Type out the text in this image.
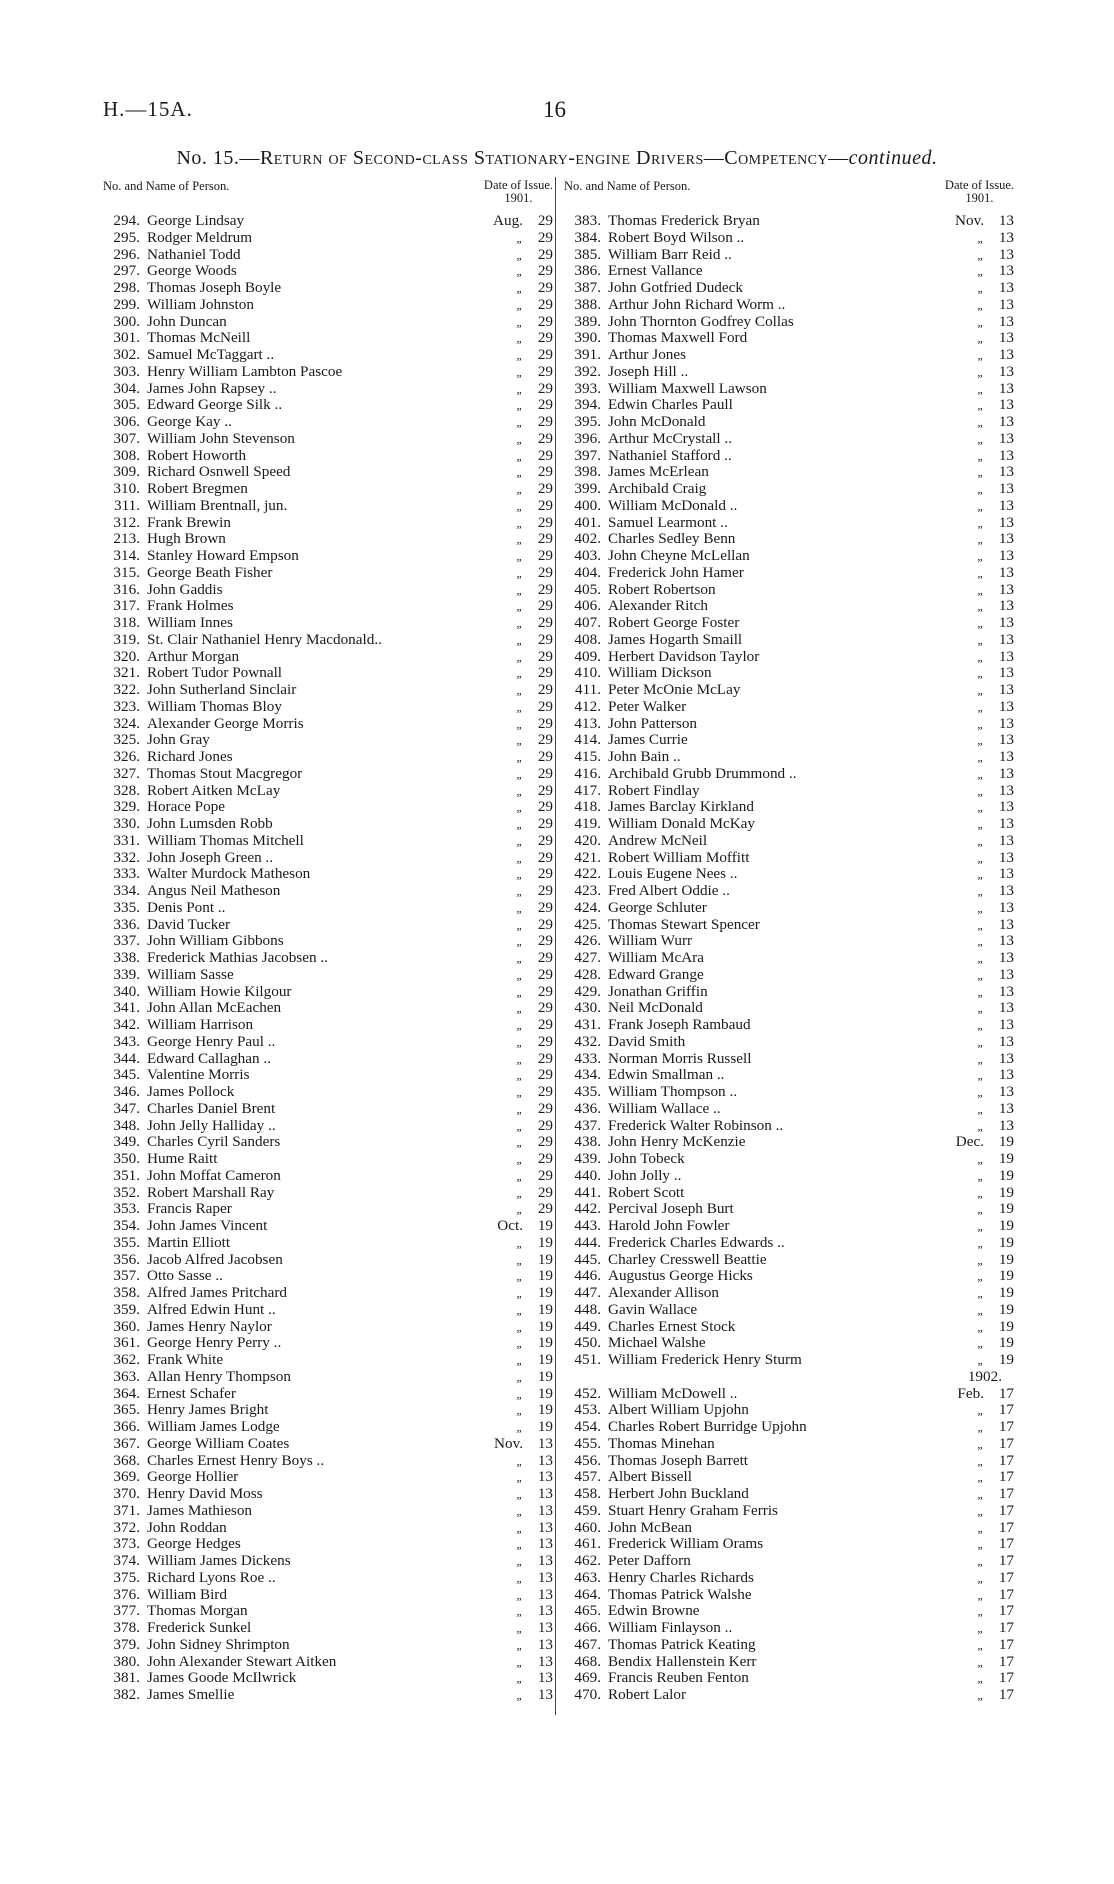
H.—15A.	16
No. 15.—Return of Second-class Stationary-engine Drivers—Competency—continued.
No. and Name of Person.	Date of Issue.
1901.
294. George Lindsay	Aug. 29
295. Rodger Meldrum	„ 29
296. Nathaniel Todd	„ 29
297. George Woods	„ 29
298. Thomas Joseph Boyle	„ 29
299. William Johnston	„ 29
300. John Duncan	„ 29
301. Thomas McNeill	„ 29
302. Samuel McTaggart ..	„ 29
303. Henry William Lambton Pascoe	„ 29
304. James John Rapsey ..	„ 29
305. Edward George Silk ..	„ 29
306. George Kay ..	„ 29
307. William John Stevenson	„ 29
308. Robert Howorth	„ 29
309. Richard Osnwell Speed	„ 29
310. Robert Bregmen	„ 29
311. William Brentnall, jun.	„ 29
312. Frank Brewin	„ 29
213. Hugh Brown	„ 29
314. Stanley Howard Empson	„ 29
315. George Beath Fisher	„ 29
316. John Gaddis	„ 29
317. Frank Holmes	„ 29
318. William Innes	„ 29
319. St. Clair Nathaniel Henry Macdonald..	„ 29
320. Arthur Morgan	„ 29
321. Robert Tudor Pownall	„ 29
322. John Sutherland Sinclair	„ 29
323. William Thomas Bloy	„ 29
324. Alexander George Morris	„ 29
325. John Gray	„ 29
326. Richard Jones	„ 29
327. Thomas Stout Macgregor	„ 29
328. Robert Aitken McLay	„ 29
329. Horace Pope	„ 29
330. John Lumsden Robb	„ 29
331. William Thomas Mitchell	„ 29
332. John Joseph Green ..	„ 29
333. Walter Murdock Matheson	„ 29
334. Angus Neil Matheson	„ 29
335. Denis Pont ..	„ 29
336. David Tucker	„ 29
337. John William Gibbons	„ 29
338. Frederick Mathias Jacobsen ..	„ 29
339. William Sasse	„ 29
340. William Howie Kilgour	„ 29
341. John Allan McEachen	„ 29
342. William Harrison	„ 29
343. George Henry Paul ..	„ 29
344. Edward Callaghan ..	„ 29
345. Valentine Morris	„ 29
346. James Pollock	„ 29
347. Charles Daniel Brent	„ 29
348. John Jelly Halliday ..	„ 29
349. Charles Cyril Sanders	„ 29
350. Hume Raitt	„ 29
351. John Moffat Cameron	„ 29
352. Robert Marshall Ray	„ 29
353. Francis Raper	„ 29
354. John James Vincent	Oct. 19
355. Martin Elliott	„ 19
356. Jacob Alfred Jacobsen	„ 19
357. Otto Sasse ..	„ 19
358. Alfred James Pritchard	„ 19
359. Alfred Edwin Hunt ..	„ 19
360. James Henry Naylor	„ 19
361. George Henry Perry ..	„ 19
362. Frank White	„ 19
363. Allan Henry Thompson	„ 19
364. Ernest Schafer	„ 19
365. Henry James Bright	„ 19
366. William James Lodge	„ 19
367. George William Coates	Nov. 13
368. Charles Ernest Henry Boys ..	„ 13
369. George Hollier	„ 13
370. Henry David Moss	„ 13
371. James Mathieson	„ 13
372. John Roddan	„ 13
373. George Hedges	„ 13
374. William James Dickens	„ 13
375. Richard Lyons Roe ..	„ 13
376. William Bird	„ 13
377. Thomas Morgan	„ 13
378. Frederick Sunkel	„ 13
379. John Sidney Shrimpton	„ 13
380. John Alexander Stewart Aitken	„ 13
381. James Goode McIlwrick	„ 13
382. James Smellie	„ 13
No. and Name of Person.	Date of Issue.
1901.
383. Thomas Frederick Bryan	Nov. 13
384. Robert Boyd Wilson ..	„ 13
385. William Barr Reid ..	„ 13
386. Ernest Vallance	„ 13
387. John Gotfried Dudeck	„ 13
388. Arthur John Richard Worm ..	„ 13
389. John Thornton Godfrey Collas	„ 13
390. Thomas Maxwell Ford	„ 13
391. Arthur Jones	„ 13
392. Joseph Hill ..	„ 13
393. William Maxwell Lawson	„ 13
394. Edwin Charles Paull	„ 13
395. John McDonald	„ 13
396. Arthur McCrystall ..	„ 13
397. Nathaniel Stafford ..	„ 13
398. James McErlean	„ 13
399. Archibald Craig	„ 13
400. William McDonald ..	„ 13
401. Samuel Learmont ..	„ 13
402. Charles Sedley Benn	„ 13
403. John Cheyne McLellan	„ 13
404. Frederick John Hamer	„ 13
405. Robert Robertson	„ 13
406. Alexander Ritch	„ 13
407. Robert George Foster	„ 13
408. James Hogarth Smaill	„ 13
409. Herbert Davidson Taylor	„ 13
410. William Dickson	„ 13
411. Peter McOnie McLay	„ 13
412. Peter Walker	„ 13
413. John Patterson	„ 13
414. James Currie	„ 13
415. John Bain ..	„ 13
416. Archibald Grubb Drummond ..	„ 13
417. Robert Findlay	„ 13
418. James Barclay Kirkland	„ 13
419. William Donald McKay	„ 13
420. Andrew McNeil	„ 13
421. Robert William Moffitt	„ 13
422. Louis Eugene Nees ..	„ 13
423. Fred Albert Oddie ..	„ 13
424. George Schluter	„ 13
425. Thomas Stewart Spencer	„ 13
426. William Wurr	„ 13
427. William McAra	„ 13
428. Edward Grange	„ 13
429. Jonathan Griffin	„ 13
430. Neil McDonald	„ 13
431. Frank Joseph Rambaud	„ 13
432. David Smith	„ 13
433. Norman Morris Russell	„ 13
434. Edwin Smallman ..	„ 13
435. William Thompson ..	„ 13
436. William Wallace ..	„ 13
437. Frederick Walter Robinson ..	„ 13
438. John Henry McKenzie	Dec. 19
439. John Tobeck	„ 19
440. John Jolly ..	„ 19
441. Robert Scott	„ 19
442. Percival Joseph Burt	„ 19
443. Harold John Fowler	„ 19
444. Frederick Charles Edwards ..	„ 19
445. Charley Cresswell Beattie	„ 19
446. Augustus George Hicks	„ 19
447. Alexander Allison	„ 19
448. Gavin Wallace	„ 19
449. Charles Ernest Stock	„ 19
450. Michael Walshe	„ 19
451. William Frederick Henry Sturm	„ 19
1902.
452. William McDowell ..	Feb. 17
453. Albert William Upjohn	„ 17
454. Charles Robert Burridge Upjohn	„ 17
455. Thomas Minehan	„ 17
456. Thomas Joseph Barrett	„ 17
457. Albert Bissell	„ 17
458. Herbert John Buckland	„ 17
459. Stuart Henry Graham Ferris	„ 17
460. John McBean	„ 17
461. Frederick William Orams	„ 17
462. Peter Dafforn	„ 17
463. Henry Charles Richards	„ 17
464. Thomas Patrick Walshe	„ 17
465. Edwin Browne	„ 17
466. William Finlayson ..	„ 17
467. Thomas Patrick Keating	„ 17
468. Bendix Hallenstein Kerr	„ 17
469. Francis Reuben Fenton	„ 17
470. Robert Lalor	„ 17
